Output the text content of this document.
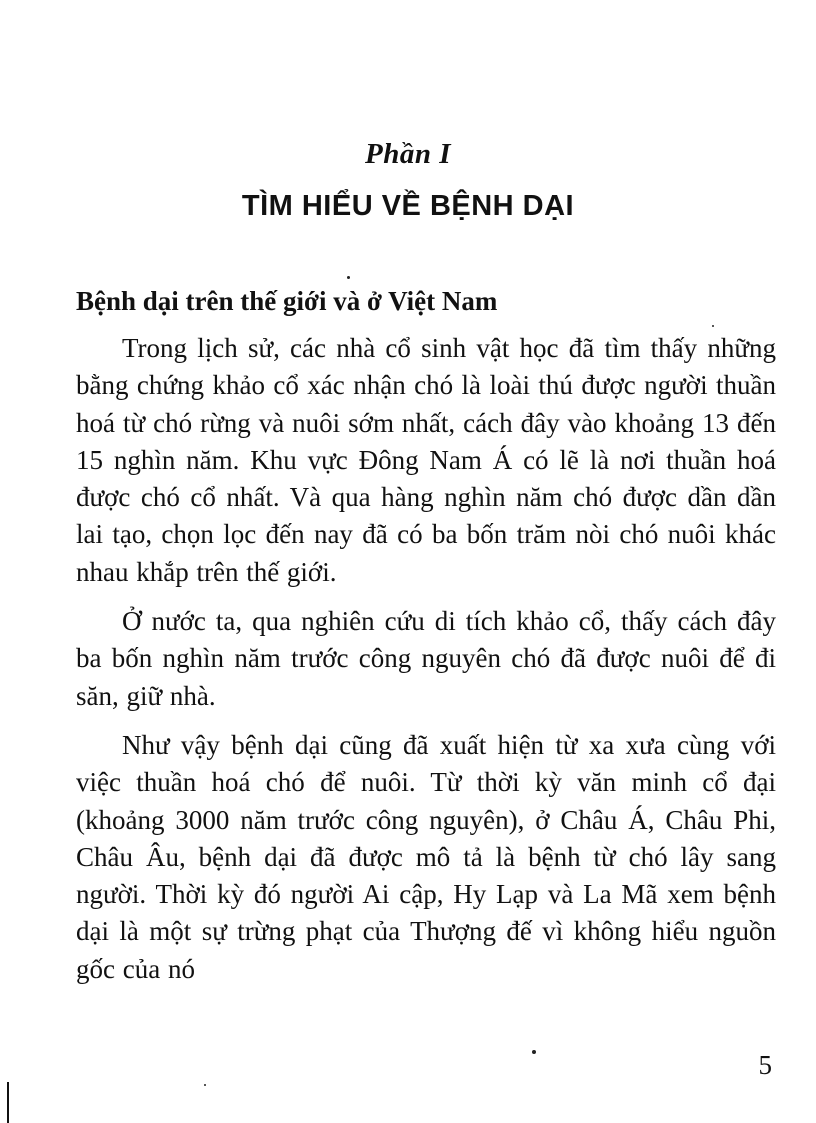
Phần I
TÌM HIỂU VỀ BỆNH DẠI
Bệnh dại trên thế giới và ở Việt Nam

Trong lịch sử, các nhà cổ sinh vật học đã tìm thấy những bằng chứng khảo cổ xác nhận chó là loài thú được người thuần hoá từ chó rừng và nuôi sớm nhất, cách đây vào khoảng 13 đến 15 nghìn năm. Khu vực Đông Nam Á có lẽ là nơi thuần hoá được chó cổ nhất. Và qua hàng nghìn năm chó được dần dần lai tạo, chọn lọc đến nay đã có ba bốn trăm nòi chó nuôi khác nhau khắp trên thế giới.

Ở nước ta, qua nghiên cứu di tích khảo cổ, thấy cách đây ba bốn nghìn năm trước công nguyên chó đã được nuôi để đi săn, giữ nhà.

Như vậy bệnh dại cũng đã xuất hiện từ xa xưa cùng với việc thuần hoá chó để nuôi. Từ thời kỳ văn minh cổ đại (khoảng 3000 năm trước công nguyên), ở Châu Á, Châu Phi, Châu Âu, bệnh dại đã được mô tả là bệnh từ chó lây sang người. Thời kỳ đó người Ai cập, Hy Lạp và La Mã xem bệnh dại là một sự trừng phạt của Thượng đế vì không hiểu nguồn gốc của nó

5
